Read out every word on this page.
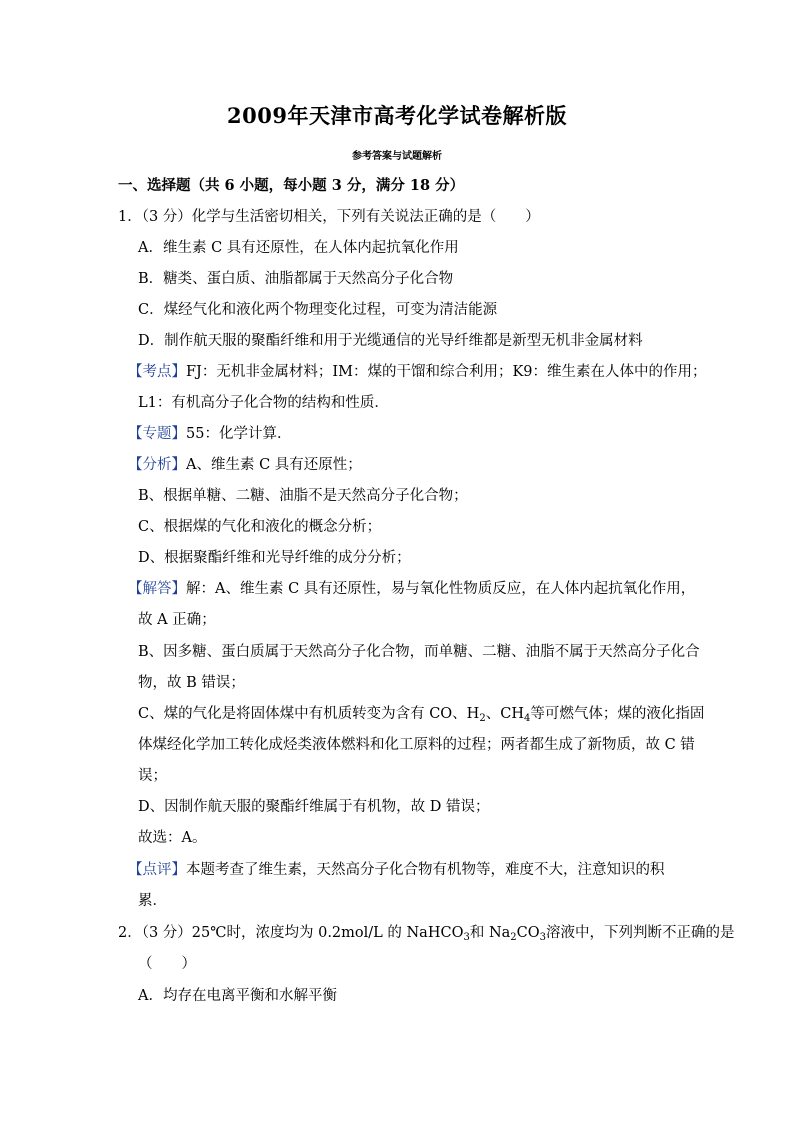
2009年天津市高考化学试卷解析版
参考答案与试题解析
一、选择题（共 6 小题，每小题 3 分，满分 18 分）
1．（3 分）化学与生活密切相关，下列有关说法正确的是（　　）
A．维生素 C 具有还原性，在人体内起抗氧化作用
B．糖类、蛋白质、油脂都属于天然高分子化合物
C．煤经气化和液化两个物理变化过程，可变为清洁能源
D．制作航天服的聚酯纤维和用于光缆通信的光导纤维都是新型无机非金属材料
【考点】FJ：无机非金属材料；IM：煤的干馏和综合利用；K9：维生素在人体中的作用；
L1：有机高分子化合物的结构和性质．
【专题】55：化学计算．
【分析】A、维生素 C 具有还原性；
B、根据单糖、二糖、油脂不是天然高分子化合物；
C、根据煤的气化和液化的概念分析；
D、根据聚酯纤维和光导纤维的成分分析；
【解答】解：A、维生素 C 具有还原性，易与氧化性物质反应，在人体内起抗氧化作用，
故 A 正确；
B、因多糖、蛋白质属于天然高分子化合物，而单糖、二糖、油脂不属于天然高分子化合
物，故 B 错误；
C、煤的气化是将固体煤中有机质转变为含有 CO、$H_2$、$CH_4$等可燃气体；煤的液化指固
体煤经化学加工转化成烃类液体燃料和化工原料的过程；两者都生成了新物质，故 C 错
误；
D、因制作航天服的聚酯纤维属于有机物，故 D 错误；
故选：A。
【点评】本题考查了维生素，天然高分子化合物有机物等，难度不大，注意知识的积
累．
2．（3 分）25℃时，浓度均为 0.2mol/L 的 NaHCO$_3$和 $Na_2CO_3$溶液中，下列判断不正确的是
（　　）
A．均存在电离平衡和水解平衡
